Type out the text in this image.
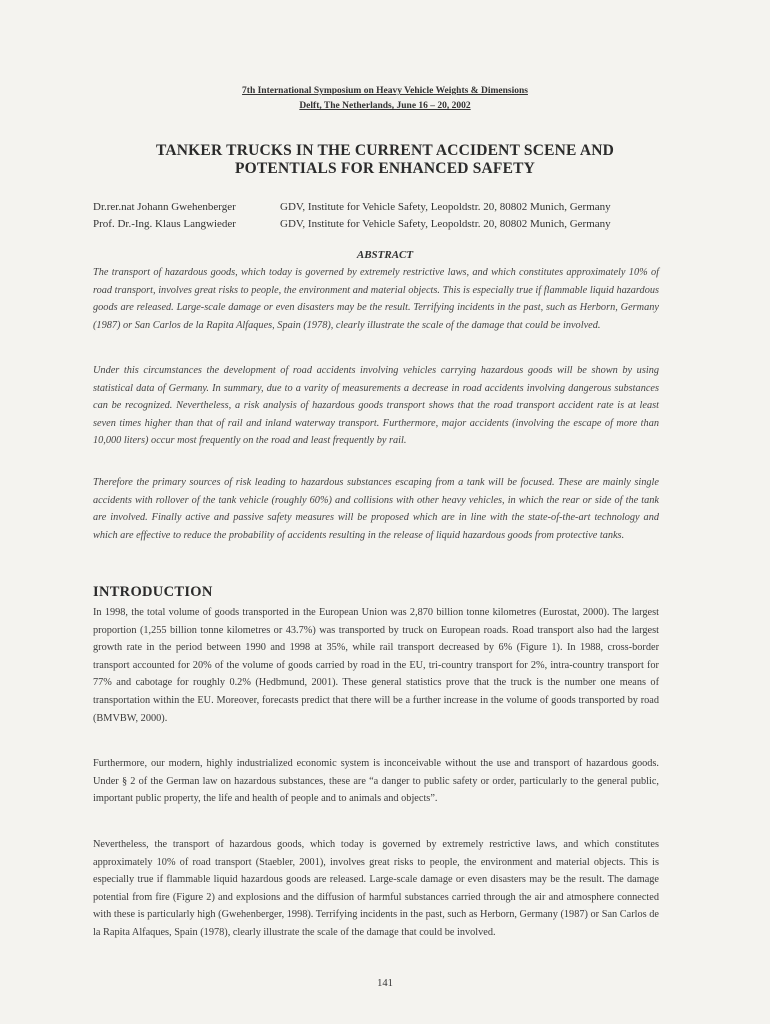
7th International Symposium on Heavy Vehicle Weights & Dimensions
Delft, The Netherlands, June 16 – 20, 2002
TANKER TRUCKS IN THE CURRENT ACCIDENT SCENE AND
POTENTIALS FOR ENHANCED SAFETY
Dr.rer.nat Johann Gwehenberger	GDV, Institute for Vehicle Safety, Leopoldstr. 20, 80802 Munich, Germany
Prof. Dr.-Ing. Klaus Langwieder	GDV, Institute for Vehicle Safety, Leopoldstr. 20, 80802 Munich, Germany
ABSTRACT
The transport of hazardous goods, which today is governed by extremely restrictive laws, and which constitutes approximately 10% of road transport, involves great risks to people, the environment and material objects. This is especially true if flammable liquid hazardous goods are released. Large-scale damage or even disasters may be the result. Terrifying incidents in the past, such as Herborn, Germany (1987) or San Carlos de la Rapita Alfaques, Spain (1978), clearly illustrate the scale of the damage that could be involved.
Under this circumstances the development of road accidents involving vehicles carrying hazardous goods will be shown by using statistical data of Germany. In summary, due to a varity of measurements a decrease in road accidents involving dangerous substances can be recognized. Nevertheless, a risk analysis of hazardous goods transport shows that the road transport accident rate is at least seven times higher than that of rail and inland waterway transport. Furthermore, major accidents (involving the escape of more than 10,000 liters) occur most frequently on the road and least frequently by rail.
Therefore the primary sources of risk leading to hazardous substances escaping from a tank will be focused. These are mainly single accidents with rollover of the tank vehicle (roughly 60%) and collisions with other heavy vehicles, in which the rear or side of the tank are involved. Finally active and passive safety measures will be proposed which are in line with the state-of-the-art technology and which are effective to reduce the probability of accidents resulting in the release of liquid hazardous goods from protective tanks.
INTRODUCTION
In 1998, the total volume of goods transported in the European Union was 2,870 billion tonne kilometres (Eurostat, 2000). The largest proportion (1,255 billion tonne kilometres or 43.7%) was transported by truck on European roads. Road transport also had the largest growth rate in the period between 1990 and 1998 at 35%, while rail transport decreased by 6% (Figure 1). In 1988, cross-border transport accounted for 20% of the volume of goods carried by road in the EU, tri-country transport for 2%, intra-country transport for 77% and cabotage for roughly 0.2% (Hedbmund, 2001). These general statistics prove that the truck is the number one means of transportation within the EU. Moreover, forecasts predict that there will be a further increase in the volume of goods transported by road (BMVBW, 2000).
Furthermore, our modern, highly industrialized economic system is inconceivable without the use and transport of hazardous goods. Under § 2 of the German law on hazardous substances, these are “a danger to public safety or order, particularly to the general public, important public property, the life and health of people and to animals and objects”.
Nevertheless, the transport of hazardous goods, which today is governed by extremely restrictive laws, and which constitutes approximately 10% of road transport (Staebler, 2001), involves great risks to people, the environment and material objects. This is especially true if flammable liquid hazardous goods are released. Large-scale damage or even disasters may be the result. The damage potential from fire (Figure 2) and explosions and the diffusion of harmful substances carried through the air and atmosphere connected with these is particularly high (Gwehenberger, 1998). Terrifying incidents in the past, such as Herborn, Germany (1987) or San Carlos de la Rapita Alfaques, Spain (1978), clearly illustrate the scale of the damage that could be involved.
141
